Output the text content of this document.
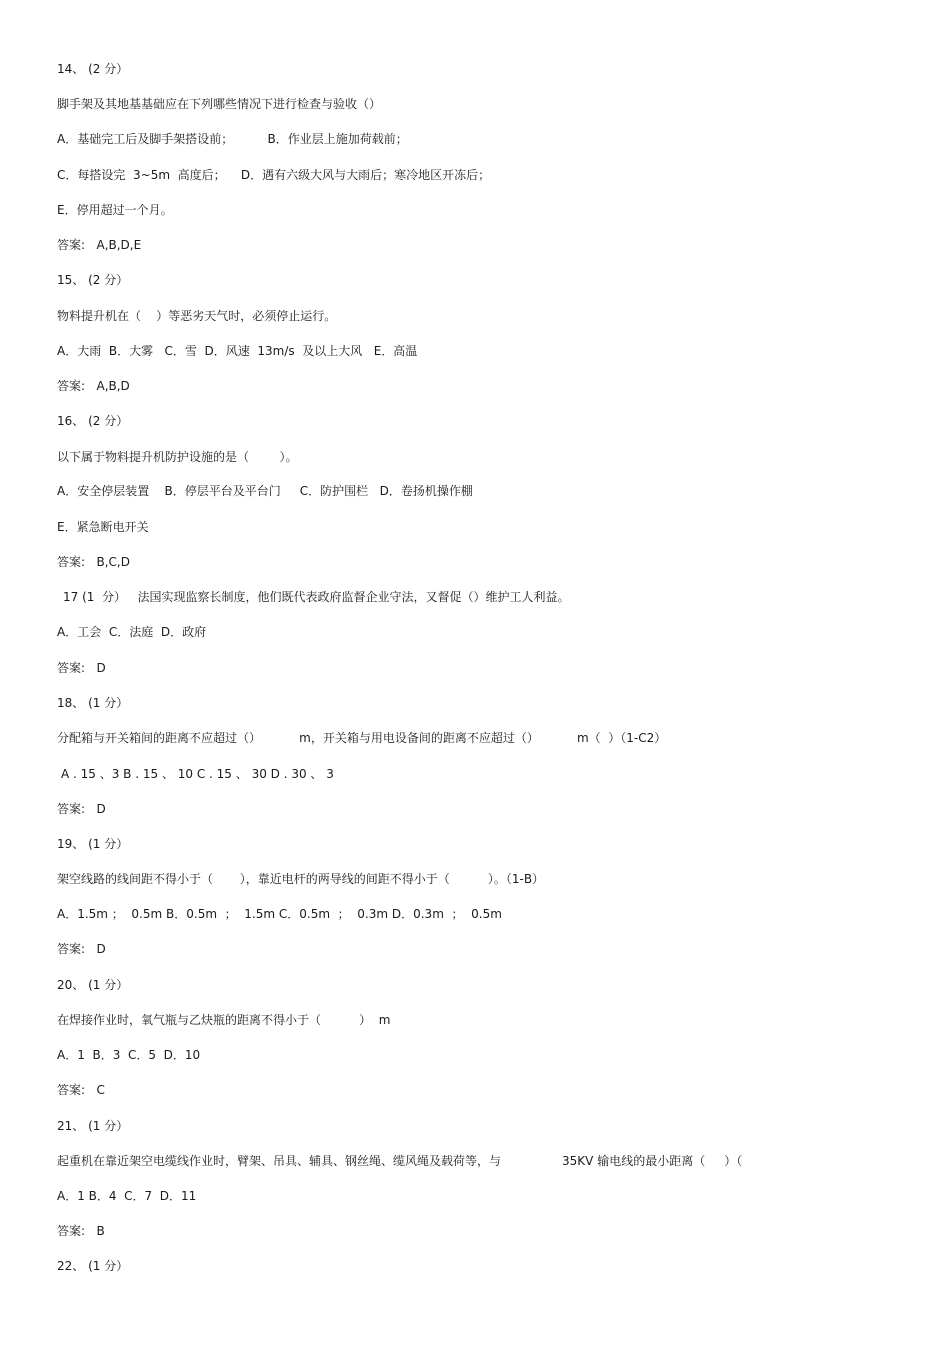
14、 (2 分）
脚手架及其地基基础应在下列哪些情况下进行检查与验收（）
A．基础完工后及脚手架搭设前；         B．作业层上施加荷载前；
C．每搭设完  3~5m  高度后；    D．遇有六级大风与大雨后；寒冷地区开冻后；
E．停用超过一个月。
答案:   A,B,D,E
15、 (2 分）
物料提升机在（    ）等恶劣天气时，必须停止运行。
A．大雨  B．大雾   C．雪  D．风速  13m/s  及以上大风   E．高温
答案:   A,B,D
16、 (2 分）
以下属于物料提升机防护设施的是（        ）。
A．安全停层装置    B．停层平台及平台门     C．防护围栏   D．卷扬机操作棚
E．紧急断电开关
答案:   B,C,D
17 (1  分）   法国实现监察长制度，他们既代表政府监督企业守法，又督促（）维护工人利益。
A．工会  C．法庭  D．政府
答案:   D
18、 (1 分）
分配箱与开关箱间的距离不应超过（）          m，开关箱与用电设备间的距离不应超过（）          m（  ）（1-C2）
A . 15 、3 B . 15 、 10 C . 15 、 30 D . 30 、 3
答案:   D
19、 (1 分）
架空线路的线间距不得小于（       ），靠近电杆的两导线的间距不得小于（          ）。（1-B）
A．1.5m ；  0.5m B．0.5m  ；  1.5m C．0.5m  ；  0.3m D．0.3m  ；  0.5m
答案:   D
20、 (1 分）
在焊接作业时，氧气瓶与乙炔瓶的距离不得小于（          ）  m
A．1  B．3  C．5  D．10
答案:   C
21、 (1 分）
起重机在靠近架空电缆线作业时，臂架、吊具、辅具、钢丝绳、缆风绳及载荷等，与                35KV 输电线的最小距离（     ）（
A．1 B．4  C．7  D．11
答案:   B
22、 (1 分）
